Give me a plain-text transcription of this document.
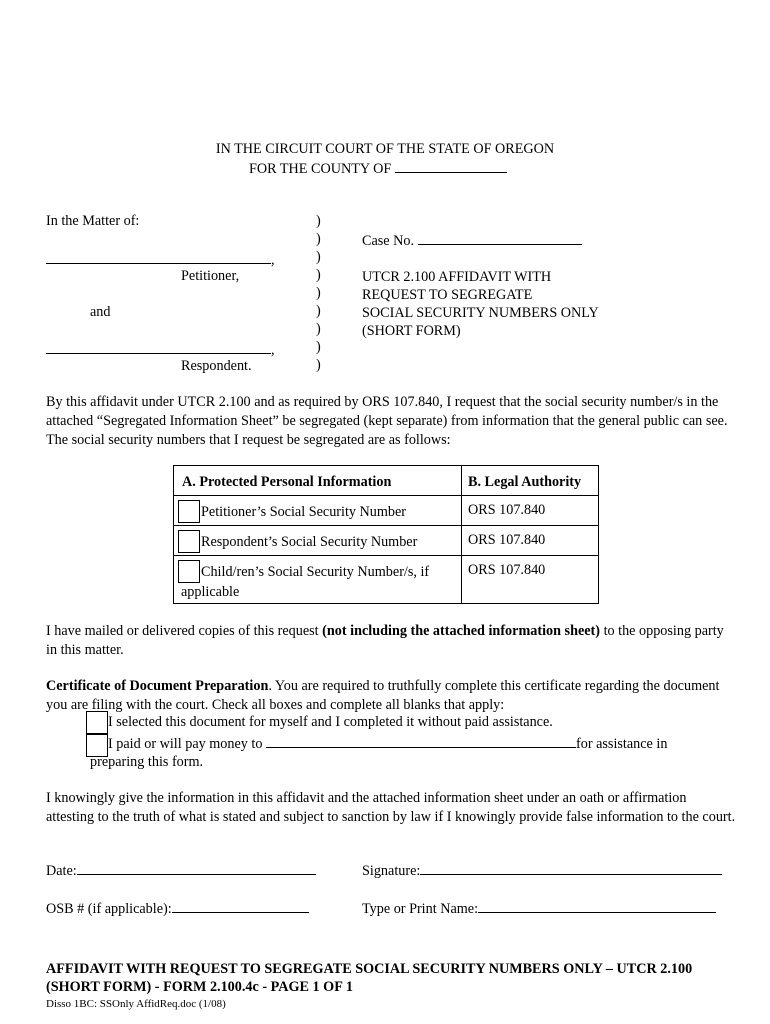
IN THE CIRCUIT COURT OF THE STATE OF OREGON
FOR THE COUNTY OF
In the Matter of:
,
Petitioner,
and
,
Respondent.
)
)
)
)
)
)
)
)
)
Case No.
UTCR 2.100 AFFIDAVIT WITH
REQUEST TO SEGREGATE
SOCIAL SECURITY NUMBERS ONLY
(SHORT FORM)
By this affidavit under UTCR 2.100 and as required by ORS 107.840, I request that the social security number/s in the attached “Segregated Information Sheet” be segregated (kept separate) from information that the general public can see. The social security numbers that I request be segregated are as follows:
A. Protected Personal Information	B. Legal Authority
Petitioner’s Social Security Number	ORS 107.840
Respondent’s Social Security Number	ORS 107.840
Child/ren’s Social Security Number/s, if
applicable	ORS 107.840
I have mailed or delivered copies of this request (not including the attached information sheet) to the opposing party in this matter.
Certificate of Document Preparation. You are required to truthfully complete this certificate regarding the document you are filing with the court. Check all boxes and complete all blanks that apply:
I selected this document for myself and I completed it without paid assistance.
I paid or will pay money to	for assistance in
preparing this form.
I knowingly give the information in this affidavit and the attached information sheet under an oath or affirmation attesting to the truth of what is stated and subject to sanction by law if I knowingly provide false information to the court.
Date:	Signature:
OSB # (if applicable):	Type or Print Name:
AFFIDAVIT WITH REQUEST TO SEGREGATE SOCIAL SECURITY NUMBERS ONLY – UTCR 2.100
(SHORT FORM) - FORM 2.100.4c - PAGE 1 OF 1
Disso 1BC: SSOnly AffidReq.doc (1/08)
